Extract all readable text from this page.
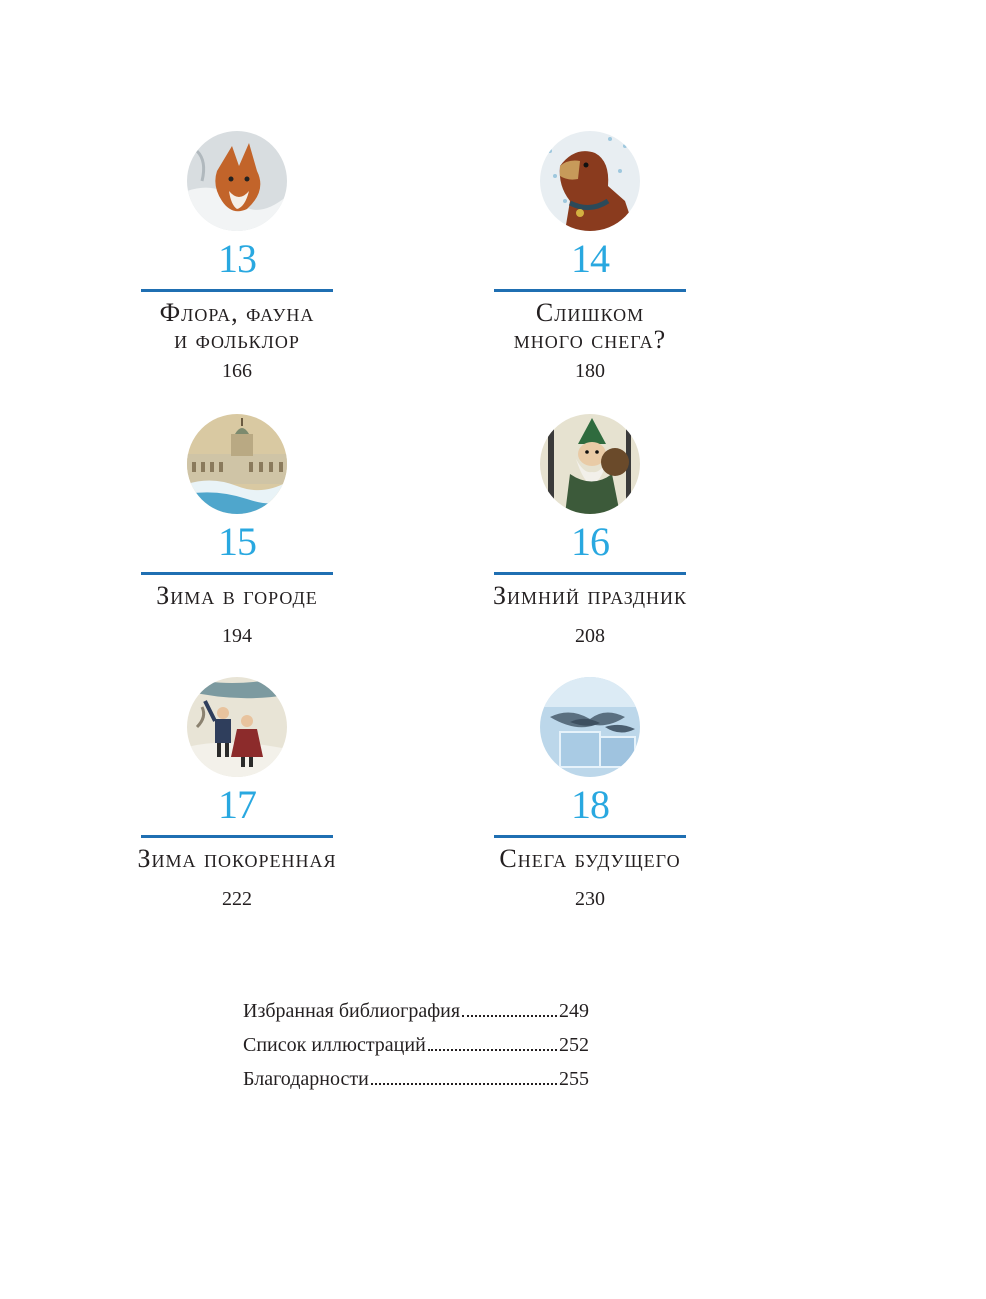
13
Флора, фауна
и фольклор
166
14
Слишком
много снега?
180
15
Зима в городе
194
16
Зимний праздник
208
17
Зима покоренная
222
18
Снега будущего
230
Избранная библиография	249
Список иллюстраций	252
Благодарности	255
